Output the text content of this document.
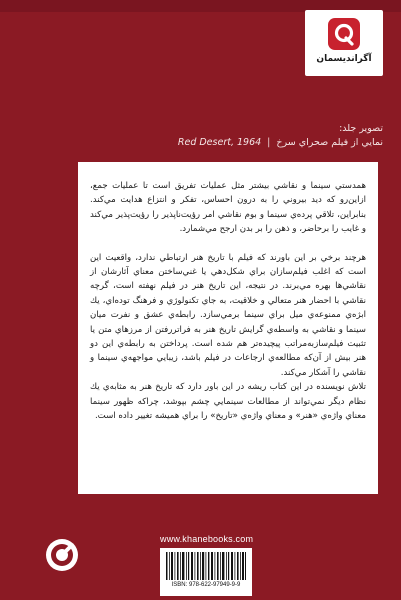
آگرانديسمان
تصوير جلد:
نمايي از فيلم صحراي سرخ
|
Red Desert, 1964

همدستي سينما و نقاشي بيشتر مثل عمليات تفريق است تا عمليات جمع، ازاين‌رو كه ديد بيروني را به درون احساس، تفكر و انتزاع هدايت مي‌كند. بنابراين، تلاقي پرده‌ي سينما و بوم نقاشي امر رؤيت‌ناپذير را رؤيت‌پذير مي‌كند و غايب را برحاضر، و ذهن را بر بدن ارجح مي‌شمارد.

هرچند برخي بر اين باورند كه فيلم با تاريخ هنر ارتباطي ندارد، واقعيت اين است كه اغلب فيلم‌سازان براي شكل‌دهي يا غني‌ساختن معناي آثارشان از نقاشي‌ها بهره مي‌برند. در نتيجه، اين تاريخ هنر در فيلم نهفته است، گرچه نقاشي با احضار هنر متعالي و خلاقيت، به جاي تكنولوژي و فرهنگ توده‌اي، يك ابژه‌ي ممنوعه‌ي ميل براي سينما برمي‌سازد. رابطه‌ي عشق و نفرت ميان سينما و نقاشي به واسطه‌ي گرايش تاريخ هنر به فراتررفتن از مرزهاي متن يا تثبيت فيلم‌سازبه‌مراتب پيچيده‌تر هم شده است. پرداختن به رابطه‌ي اين دو هنر بيش از آن‌كه مطالعه‌ي ارجاعات در فيلم باشد، زيبايي مواجهه‌ي سينما و نقاشي را آشكار مي‌كند.

تلاش نويسنده در اين كتاب ريشه در اين باور دارد كه تاريخ هنر به مثابه‌ي يك نظام ديگر نمي‌تواند از مطالعات سينمايي چشم بپوشد، چراكه ظهور سينما معناي واژه‌ي «هنر» و معناي واژه‌ي «تاريخ» را براي هميشه تغيير داده است.

www.khanebooks.com
ISBN: 978-622-97949-9-9
